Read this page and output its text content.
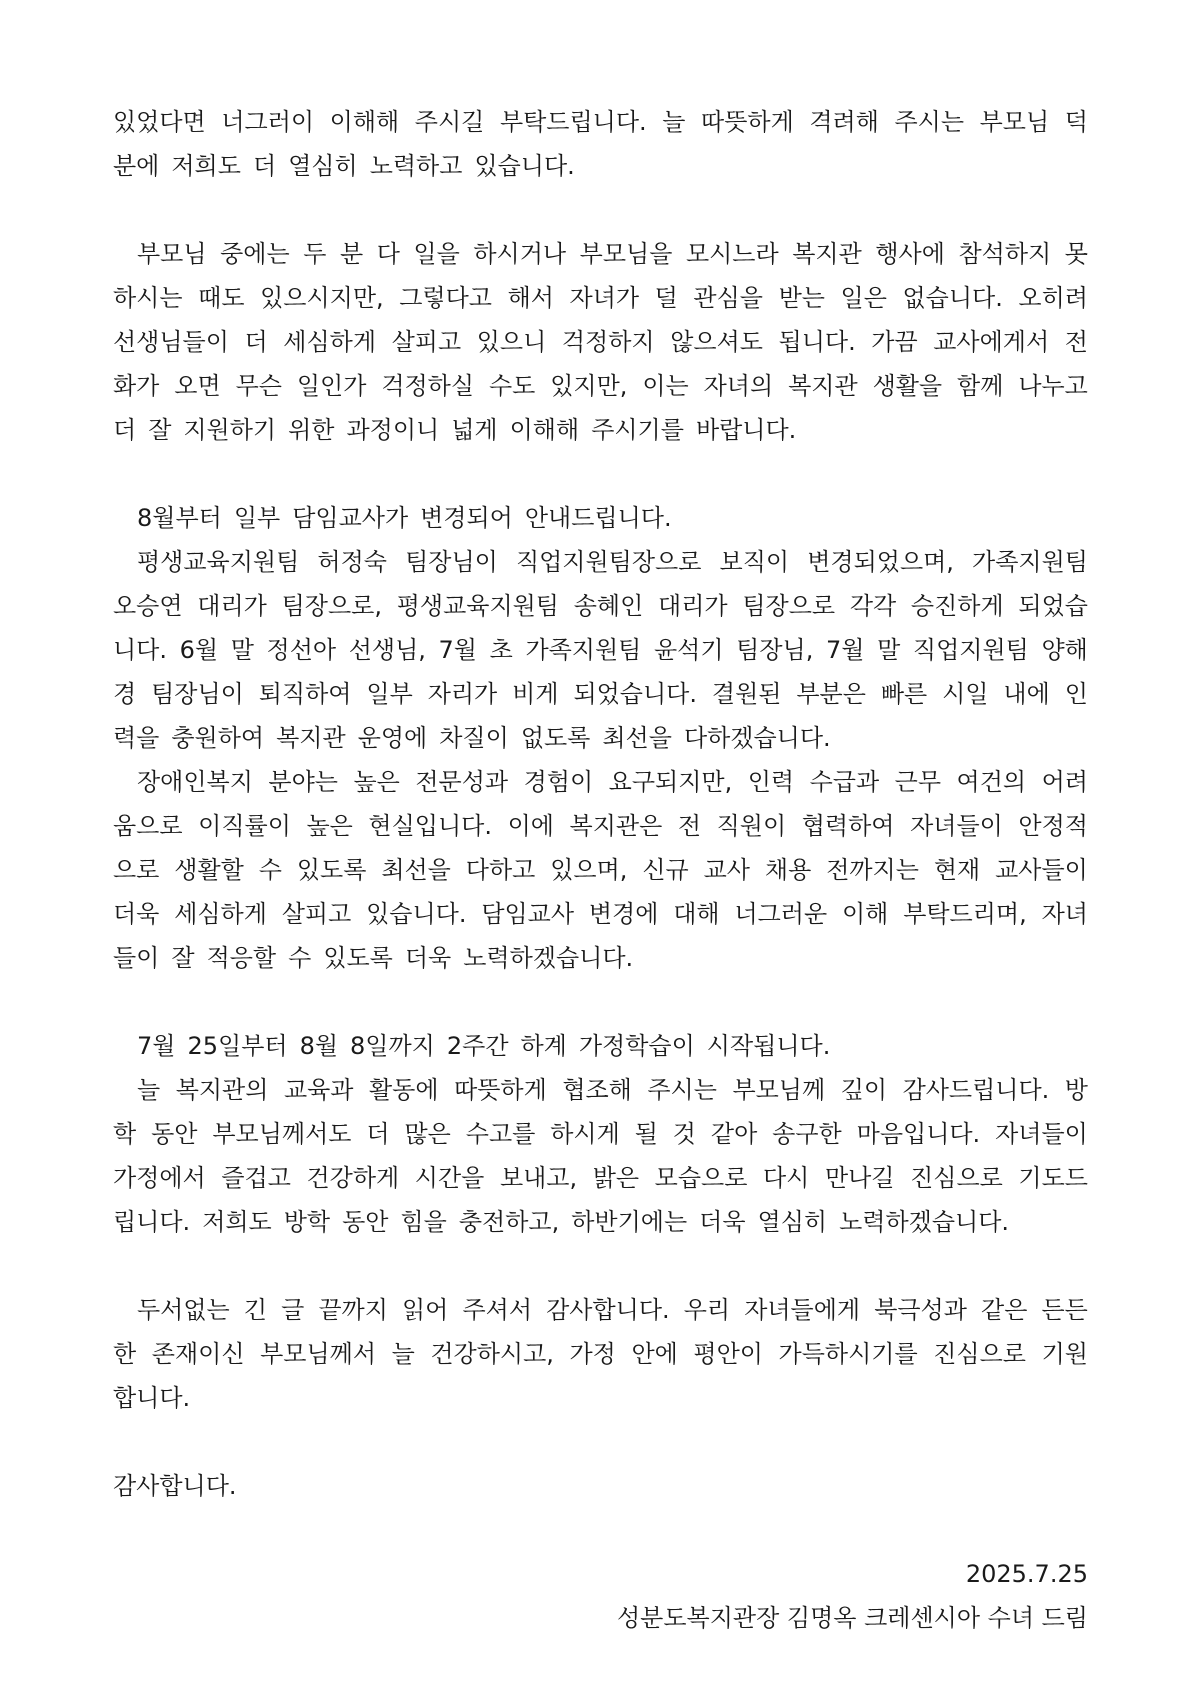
있었다면 너그러이 이해해 주시길 부탁드립니다. 늘 따뜻하게 격려해 주시는 부모님 덕
분에 저희도 더 열심히 노력하고 있습니다.
부모님 중에는 두 분 다 일을 하시거나 부모님을 모시느라 복지관 행사에 참석하지 못
하시는 때도 있으시지만, 그렇다고 해서 자녀가 덜 관심을 받는 일은 없습니다. 오히려
선생님들이 더 세심하게 살피고 있으니 걱정하지 않으셔도 됩니다. 가끔 교사에게서 전
화가 오면 무슨 일인가 걱정하실 수도 있지만, 이는 자녀의 복지관 생활을 함께 나누고
더 잘 지원하기 위한 과정이니 넓게 이해해 주시기를 바랍니다.
8월부터 일부 담임교사가 변경되어 안내드립니다.
평생교육지원팀 허정숙 팀장님이 직업지원팀장으로 보직이 변경되었으며, 가족지원팀
오승연 대리가 팀장으로, 평생교육지원팀 송혜인 대리가 팀장으로 각각 승진하게 되었습
니다. 6월 말 정선아 선생님, 7월 초 가족지원팀 윤석기 팀장님, 7월 말 직업지원팀 양해
경 팀장님이 퇴직하여 일부 자리가 비게 되었습니다. 결원된 부분은 빠른 시일 내에 인
력을 충원하여 복지관 운영에 차질이 없도록 최선을 다하겠습니다.
장애인복지 분야는 높은 전문성과 경험이 요구되지만, 인력 수급과 근무 여건의 어려
움으로 이직률이 높은 현실입니다. 이에 복지관은 전 직원이 협력하여 자녀들이 안정적
으로 생활할 수 있도록 최선을 다하고 있으며, 신규 교사 채용 전까지는 현재 교사들이
더욱 세심하게 살피고 있습니다. 담임교사 변경에 대해 너그러운 이해 부탁드리며, 자녀
들이 잘 적응할 수 있도록 더욱 노력하겠습니다.
7월 25일부터 8월 8일까지 2주간 하계 가정학습이 시작됩니다.
늘 복지관의 교육과 활동에 따뜻하게 협조해 주시는 부모님께 깊이 감사드립니다. 방
학 동안 부모님께서도 더 많은 수고를 하시게 될 것 같아 송구한 마음입니다. 자녀들이
가정에서 즐겁고 건강하게 시간을 보내고, 밝은 모습으로 다시 만나길 진심으로 기도드
립니다. 저희도 방학 동안 힘을 충전하고, 하반기에는 더욱 열심히 노력하겠습니다.
두서없는 긴 글 끝까지 읽어 주셔서 감사합니다. 우리 자녀들에게 북극성과 같은 든든
한 존재이신 부모님께서 늘 건강하시고, 가정 안에 평안이 가득하시기를 진심으로 기원
합니다.
감사합니다.
2025.7.25
성분도복지관장 김명옥 크레센시아 수녀 드림
